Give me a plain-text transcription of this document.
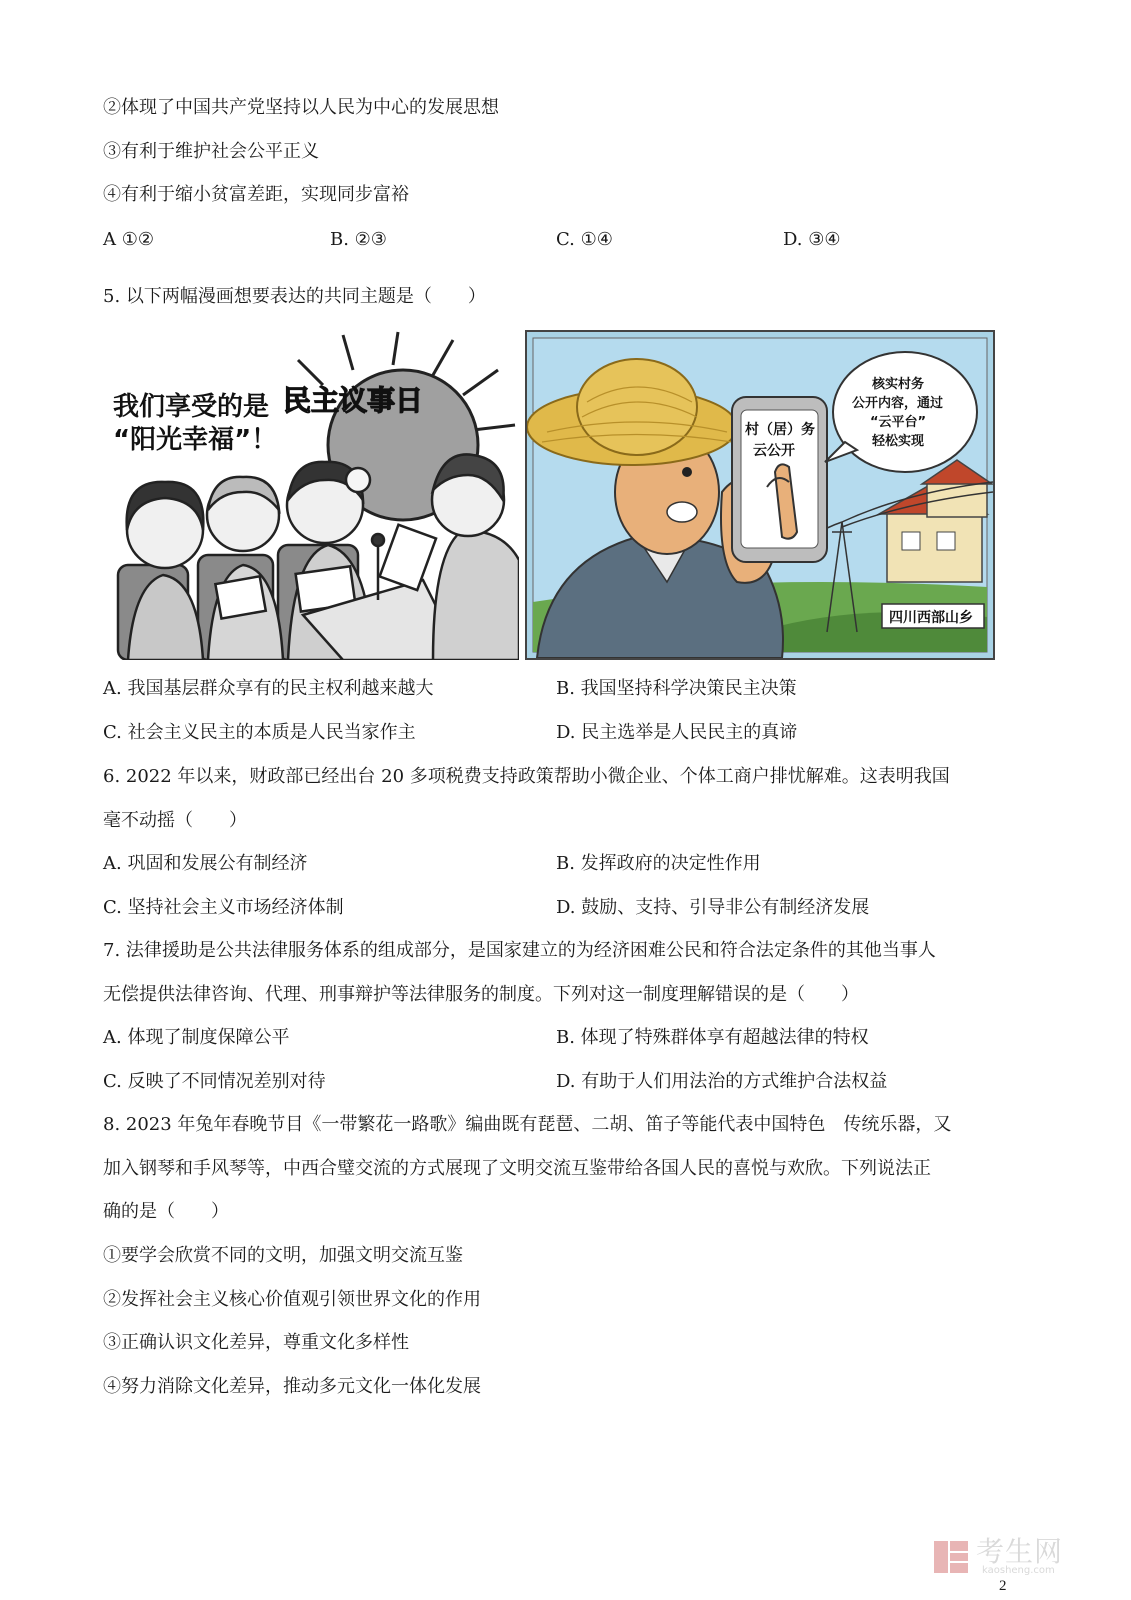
②体现了中国共产党坚持以人民为中心的发展思想
③有利于维护社会公平正义
④有利于缩小贫富差距，实现同步富裕
A ①②	B. ②③	C. ①④	D. ③④
5. 以下两幅漫画想要表达的共同主题是（　　）
我们享受的是
“阳光幸福”！
民主议事日
村（居）务
云公开
核实村务
公开内容，通过
“云平台”
轻松实现
四川西部山乡
A. 我国基层群众享有的民主权利越来越大	B. 我国坚持科学决策民主决策
C. 社会主义民主的本质是人民当家作主	D. 民主选举是人民民主的真谛
6. 2022 年以来，财政部已经出台 20 多项税费支持政策帮助小微企业、个体工商户排忧解难。这表明我国
毫不动摇（　　）
A. 巩固和发展公有制经济	B. 发挥政府的决定性作用
C. 坚持社会主义市场经济体制	D. 鼓励、支持、引导非公有制经济发展
7. 法律援助是公共法律服务体系的组成部分，是国家建立的为经济困难公民和符合法定条件的其他当事人
无偿提供法律咨询、代理、刑事辩护等法律服务的制度。下列对这一制度理解错误的是（　　）
A. 体现了制度保障公平	B. 体现了特殊群体享有超越法律的特权
C. 反映了不同情况差别对待	D. 有助于人们用法治的方式维护合法权益
8. 2023 年兔年春晚节目《一带繁花一路歌》编曲既有琵琶、二胡、笛子等能代表中国特色　传统乐器，又
加入钢琴和手风琴等，中西合璧交流的方式展现了文明交流互鉴带给各国人民的喜悦与欢欣。下列说法正
确的是（　　）
①要学会欣赏不同的文明，加强文明交流互鉴
②发挥社会主义核心价值观引领世界文化的作用
③正确认识文化差异，尊重文化多样性
④努力消除文化差异，推动多元文化一体化发展
考生网
kaosheng.com
2
